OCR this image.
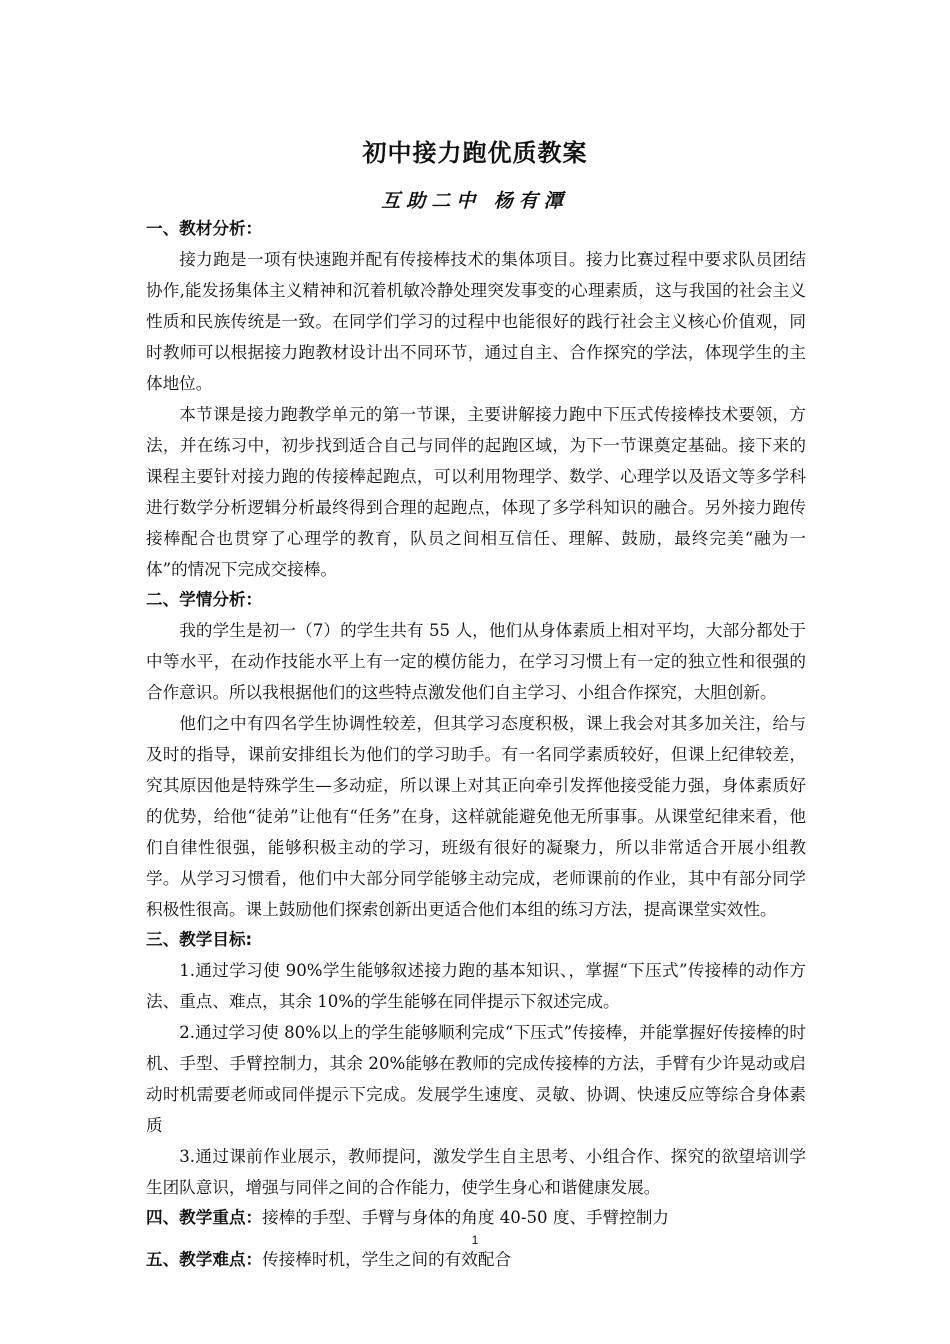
初中接力跑优质教案
互助二中 杨有潭
一、教材分析：
接力跑是一项有快速跑并配有传接棒技术的集体项目。接力比赛过程中要求队员团结协作,能发扬集体主义精神和沉着机敏冷静处理突发事变的心理素质，这与我国的社会主义性质和民族传统是一致。在同学们学习的过程中也能很好的践行社会主义核心价值观，同时教师可以根据接力跑教材设计出不同环节，通过自主、合作探究的学法，体现学生的主体地位。
本节课是接力跑教学单元的第一节课，主要讲解接力跑中下压式传接棒技术要领，方法，并在练习中，初步找到适合自己与同伴的起跑区域，为下一节课奠定基础。接下来的课程主要针对接力跑的传接棒起跑点，可以利用物理学、数学、心理学以及语文等多学科进行数学分析逻辑分析最终得到合理的起跑点，体现了多学科知识的融合。另外接力跑传接棒配合也贯穿了心理学的教育，队员之间相互信任、理解、鼓励，最终完美“融为一体”的情况下完成交接棒。
二、学情分析：
我的学生是初一（7）的学生共有 55 人，他们从身体素质上相对平均，大部分都处于中等水平，在动作技能水平上有一定的模仿能力，在学习习惯上有一定的独立性和很强的合作意识。所以我根据他们的这些特点激发他们自主学习、小组合作探究，大胆创新。
他们之中有四名学生协调性较差，但其学习态度积极，课上我会对其多加关注，给与及时的指导，课前安排组长为他们的学习助手。有一名同学素质较好，但课上纪律较差，究其原因他是特殊学生—多动症，所以课上对其正向牵引发挥他接受能力强，身体素质好的优势，给他“徒弟”让他有“任务”在身，这样就能避免他无所事事。从课堂纪律来看，他们自律性很强，能够积极主动的学习，班级有很好的凝聚力，所以非常适合开展小组教学。从学习习惯看，他们中大部分同学能够主动完成，老师课前的作业，其中有部分同学积极性很高。课上鼓励他们探索创新出更适合他们本组的练习方法，提高课堂实效性。
三、教学目标:
1.通过学习使 90%学生能够叙述接力跑的基本知识、，掌握“下压式”传接棒的动作方法、重点、难点，其余 10%的学生能够在同伴提示下叙述完成。
2.通过学习使 80%以上的学生能够顺利完成“下压式”传接棒，并能掌握好传接棒的时机、手型、手臂控制力，其余 20%能够在教师的完成传接棒的方法，手臂有少许晃动或启动时机需要老师或同伴提示下完成。发展学生速度、灵敏、协调、快速反应等综合身体素质
3.通过课前作业展示，教师提问，激发学生自主思考、小组合作、探究的欲望培训学生团队意识，增强与同伴之间的合作能力，使学生身心和谐健康发展。
四、教学重点：接棒的手型、手臂与身体的角度 40-50 度、手臂控制力
五、教学难点：传接棒时机，学生之间的有效配合
1
